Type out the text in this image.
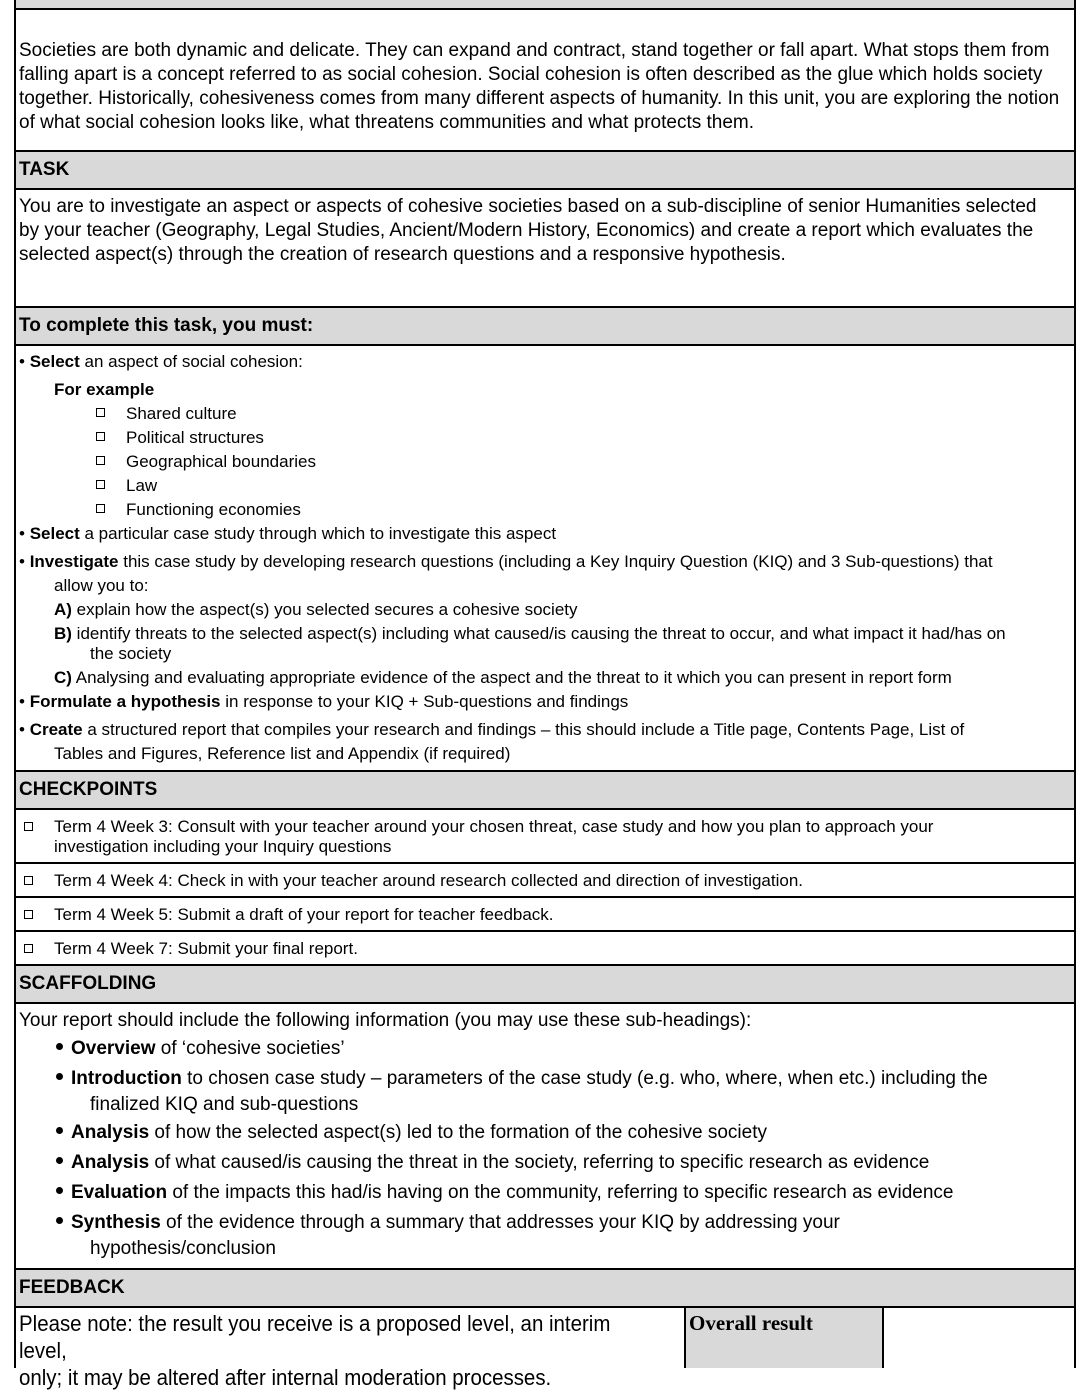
Societies are both dynamic and delicate. They can expand and contract, stand together or fall apart. What stops them from falling apart is a concept referred to as social cohesion. Social cohesion is often described as the glue which holds society together. Historically, cohesiveness comes from many different aspects of humanity. In this unit, you are exploring the notion of what social cohesion looks like, what threatens communities and what protects them.
TASK
You are to investigate an aspect or aspects of cohesive societies based on a sub-discipline of senior Humanities selected by your teacher (Geography, Legal Studies, Ancient/Modern History, Economics) and create a report which evaluates the selected aspect(s) through the creation of research questions and a responsive hypothesis.
To complete this task, you must:
• Select an aspect of social cohesion:
For example
Shared culture
Political structures
Geographical boundaries
Law
Functioning economies
• Select a particular case study through which to investigate this aspect
• Investigate this case study by developing research questions (including a Key Inquiry Question (KIQ) and 3 Sub-questions) that
allow you to:
A) explain how the aspect(s) you selected secures a cohesive society
B) identify threats to the selected aspect(s) including what caused/is causing the threat to occur, and what impact it had/has on
the society
C) Analysing and evaluating appropriate evidence of the aspect and the threat to it which you can present in report form
• Formulate a hypothesis in response to your KIQ + Sub-questions and findings
• Create a structured report that compiles your research and findings – this should include a Title page, Contents Page, List of
Tables and Figures, Reference list and Appendix (if required)
CHECKPOINTS
Term 4 Week 3: Consult with your teacher around your chosen threat, case study and how you plan to approach your
investigation including your Inquiry questions
Term 4 Week 4: Check in with your teacher around research collected and direction of investigation.
Term 4 Week 5: Submit a draft of your report for teacher feedback.
Term 4 Week 7: Submit your final report.
SCAFFOLDING
Your report should include the following information (you may use these sub-headings):
Overview of ‘cohesive societies’
Introduction to chosen case study – parameters of the case study (e.g. who, where, when etc.) including the
finalized KIQ and sub-questions
Analysis of how the selected aspect(s) led to the formation of the cohesive society
Analysis of what caused/is causing the threat in the society, referring to specific research as evidence
Evaluation of the impacts this had/is having on the community, referring to specific research as evidence
Synthesis of the evidence through a summary that addresses your KIQ by addressing your
hypothesis/conclusion
FEEDBACK
Please note: the result you receive is a proposed level, an interim level,
only; it may be altered after internal moderation processes.
Overall result
